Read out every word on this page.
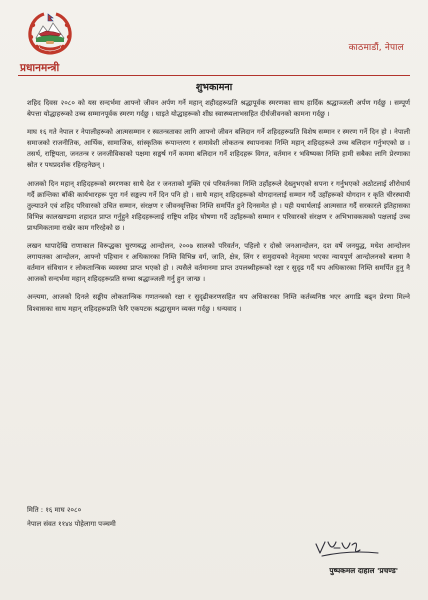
काठमाडौं, नेपाल
प्रधानमन्त्री
शुभकामना

शहिद दिवस २०८० को यस सन्दर्भमा आफ्नो जीवन अर्पण गर्ने महान् शहीदहरूप्रति श्रद्धापूर्वक स्मरणका साथ हार्दिक श्रद्धाञ्जली अर्पण गर्दछु । सम्पूर्ण बेपत्ता योद्धाहरूको उच्च सम्मानपूर्वक स्मरण गर्दछु । घाइते योद्धाहरूको शीघ्र स्वास्थ्यलाभसहित दीर्घजीवनको कामना गर्दछु ।

माघ १६ गते नेपाल र नेपालीहरूको आत्मसम्मान र स्वतन्त्रताका लागि आफ्नो जीवन बलिदान गर्ने शहिदहरूप्रति विशेष सम्मान र स्मरण गर्ने दिन हो । नेपाली समाजको राजनीतिक, आर्थिक, सामाजिक, सांस्कृतिक रूपान्तरण र समावेशी लोकतन्त्र स्थापनाका निम्ति महान् शहिदहरूले उच्च बलिदान गर्नुभएको छ । तसर्थ, राष्ट्रियता, जनतन्त्र र जनजीविकाको पक्षमा सङ्घर्ष गर्ने कममा बलिदान गर्ने शहिदहरू विगत, वर्तमान र भविष्यका निम्ति हामी सबैका लागि प्रेरणाका स्रोत र पथप्रदर्शक रहिरहनेछन् ।

आजको दिन महान् शहिदहरूको स्मरणका साथै देश र जनताको मुक्ति एवं परिवर्तनका निम्ति उहाँहरूले देख्नुभएको सपना र गर्नुभएको अठोटलाई शीरोधार्य गर्दै क्रान्तिका बाँकी कार्यभारहरू पूरा गर्न सङ्कल्प गर्ने दिन पनि हो । साथै महान् शहिदहरूको योगदानलाई सम्मान गर्दै उहाँहरूको योगदान र कृति चीरस्थायी तुल्याउने एवं शहिद परिवारको उचित सम्मान, संरक्षण र जीवनवृत्तिका निम्ति समर्पित हुने दिनसमेत हो । यही यथार्थलाई आत्मसात गर्दै सरकारले इतिहासका विभिन्न कालखण्डमा शहादत प्राप्त गर्नुहुने शहिदहरूलाई राष्ट्रिय शहिद घोषणा गर्दै उहाँहरूको सम्मान र परिवारको संरक्षण र अभिभावकत्वको पक्षलाई उच्च प्राथमिकतामा राखेर काम गरिरहेको छ ।

लखन थापादेखि राणाकाल विरूद्धका चुरणबद्ध आन्दोलन, २००७ सालको परिवर्तन, पहिलो र दोस्रो जनआन्दोलन, दश वर्षे जनयुद्ध, मधेश आन्दोलन लगायतका आन्दोलन, आफ्नो पहिचान र अधिकारका निम्ति विभिन्न वर्ग, जाति, क्षेत्र, लिंग र समुदायको नेतृत्वमा भएका न्यायपूर्ण आन्दोलनको बलमा नै वर्तमान संविधान र लोकतान्त्रिक व्यवस्था प्राप्त भएको हो । त्यसैले वर्तमानमा प्राप्त उपलब्धीहरूको रक्षा र सुदृढ गर्दै थप अधिकारका निम्ति समर्पित हुनु नै आजको सन्दर्भमा महान् शहिदहरूप्रति सच्चा श्रद्धाञ्जली गर्नु हुन जान्छ ।

अन्त्यमा, आजको दिनले सङ्घीय लोकतान्त्रिक गणतन्त्रको रक्षा र सुदृढीकरणसहित थप अधिकारका निम्ति कर्तव्यनिष्ठ भएर अगाडि बढ्न प्रेरणा मिल्ने विश्वासका साथ महान् शहिदहरूप्रति फेरि एकपटक श्रद्धासुमन व्यक्त गर्दछु । धन्यवाद ।

मिति : १६ माघ २०८०
नेपाल संवत ११४४ पोहेलागा पञ्चमी
पुष्पकमल दाहाल 'प्रचण्ड'
